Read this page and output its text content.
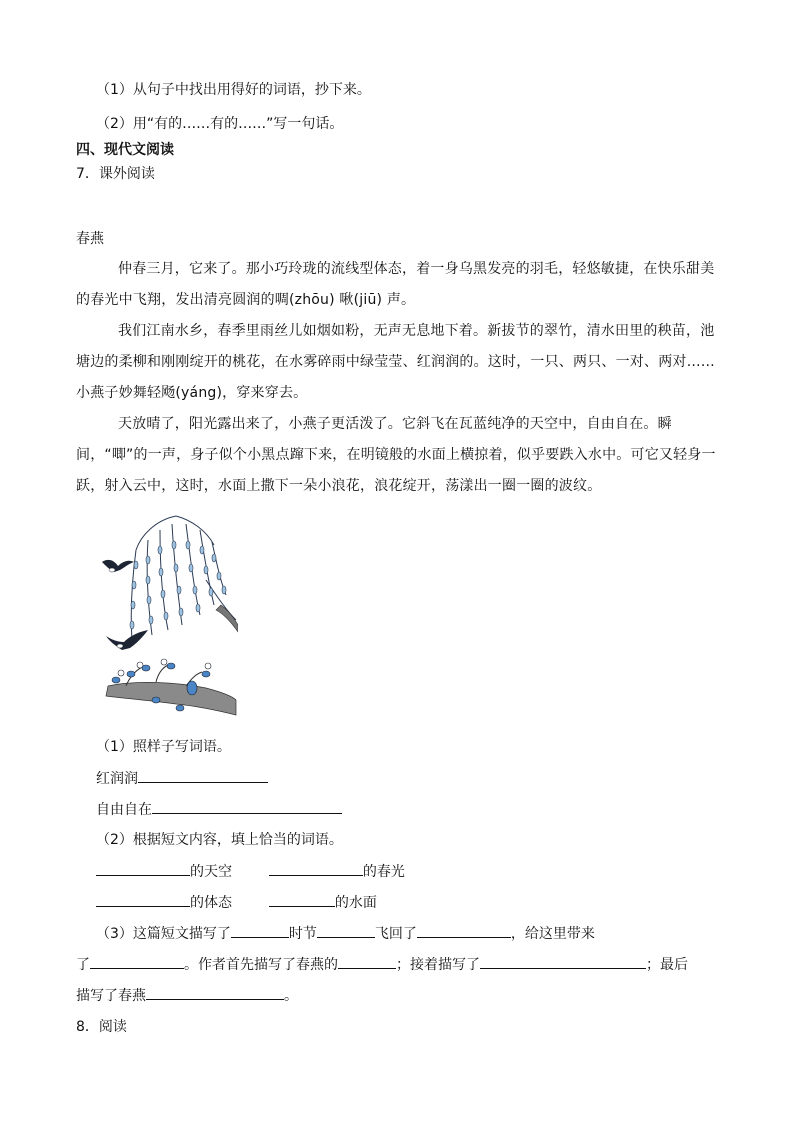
（1）从句子中找出用得好的词语，抄下来。
（2）用“有的……有的……”写一句话。
四、现代文阅读
7．课外阅读
春燕
仲春三月，它来了。那小巧玲珑的流线型体态，着一身乌黑发亮的羽毛，轻悠敏捷，在快乐甜美的春光中飞翔，发出清亮圆润的啁(zhōu) 啾(jiū) 声。
我们江南水乡，春季里雨丝儿如烟如粉，无声无息地下着。新拔节的翠竹，清水田里的秧苗，池塘边的柔柳和刚刚绽开的桃花，在水雾碎雨中绿莹莹、红润润的。这时，一只、两只、一对、两对……小燕子妙舞轻飏(yáng)，穿来穿去。
天放晴了，阳光露出来了，小燕子更活泼了。它斜飞在瓦蓝纯净的天空中，自由自在。瞬间，“唧”的一声，身子似个小黑点蹿下来，在明镜般的水面上横掠着，似乎要跌入水中。可它又轻身一跃，射入云中，这时，水面上撒下一朵小浪花，浪花绽开，荡漾出一圈一圈的波纹。
（1）照样子写词语。
红润润
自由自在
（2）根据短文内容，填上恰当的词语。
的天空	的春光
的体态	的水面
（3）这篇短文描写了	时节	飞回了	，给这里带来
了	。作者首先描写了春燕的	；接着描写了	；最后
描写了春燕	。
8．阅读
